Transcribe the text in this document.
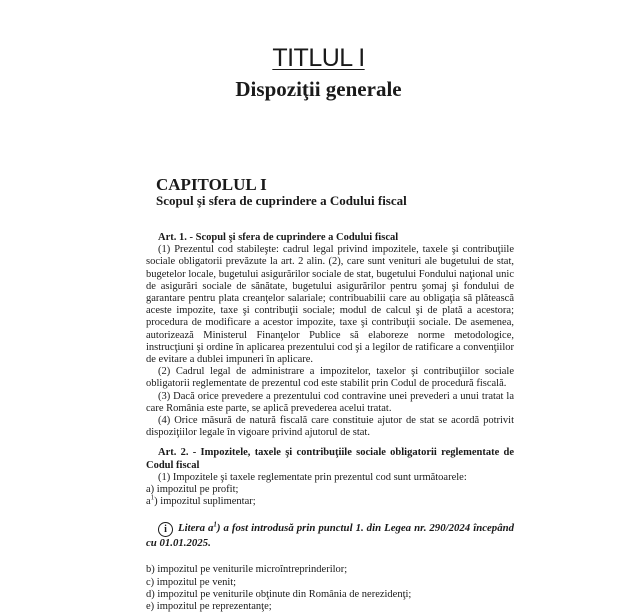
TITLUL I
Dispoziţii generale
CAPITOLUL I
Scopul şi sfera de cuprindere a Codului fiscal

Art. 1. - Scopul şi sfera de cuprindere a Codului fiscal

(1) Prezentul cod stabileşte: cadrul legal privind impozitele, taxele şi contribuţiile sociale obligatorii prevăzute la art. 2 alin. (2), care sunt venituri ale bugetului de stat, bugetelor locale, bugetului asigurărilor sociale de stat, bugetului Fondului naţional unic de asigurări sociale de sănătate, bugetului asigurărilor pentru şomaj şi fondului de garantare pentru plata creanţelor salariale; contribuabilii care au obligaţia să plătească aceste impozite, taxe şi contribuţii sociale; modul de calcul şi de plată a acestora; procedura de modificare a acestor impozite, taxe şi contribuţii sociale. De asemenea, autorizează Ministerul Finanţelor Publice să elaboreze norme metodologice, instrucţiuni şi ordine în aplicarea prezentului cod şi a legilor de ratificare a convenţiilor de evitare a dublei impuneri în aplicare.

(2) Cadrul legal de administrare a impozitelor, taxelor şi contribuţiilor sociale obligatorii reglementate de prezentul cod este stabilit prin Codul de procedură fiscală.

(3) Dacă orice prevedere a prezentului cod contravine unei prevederi a unui tratat la care România este parte, se aplică prevederea acelui tratat.

(4) Orice măsură de natură fiscală care constituie ajutor de stat se acordă potrivit dispoziţiilor legale în vigoare privind ajutorul de stat.

Art. 2. - Impozitele, taxele şi contribuţiile sociale obligatorii reglementate de Codul fiscal

(1) Impozitele şi taxele reglementate prin prezentul cod sunt următoarele:

a) impozitul pe profit;

$a^1$) impozitul suplimentar;

i Litera $a^1$) a fost introdusă prin punctul 1. din Legea nr. 290/2024 începând cu 01.01.2025.

b) impozitul pe veniturile microîntreprinderilor;

c) impozitul pe venit;

d) impozitul pe veniturile obţinute din România de nerezidenţi;

e) impozitul pe reprezentanţe;
